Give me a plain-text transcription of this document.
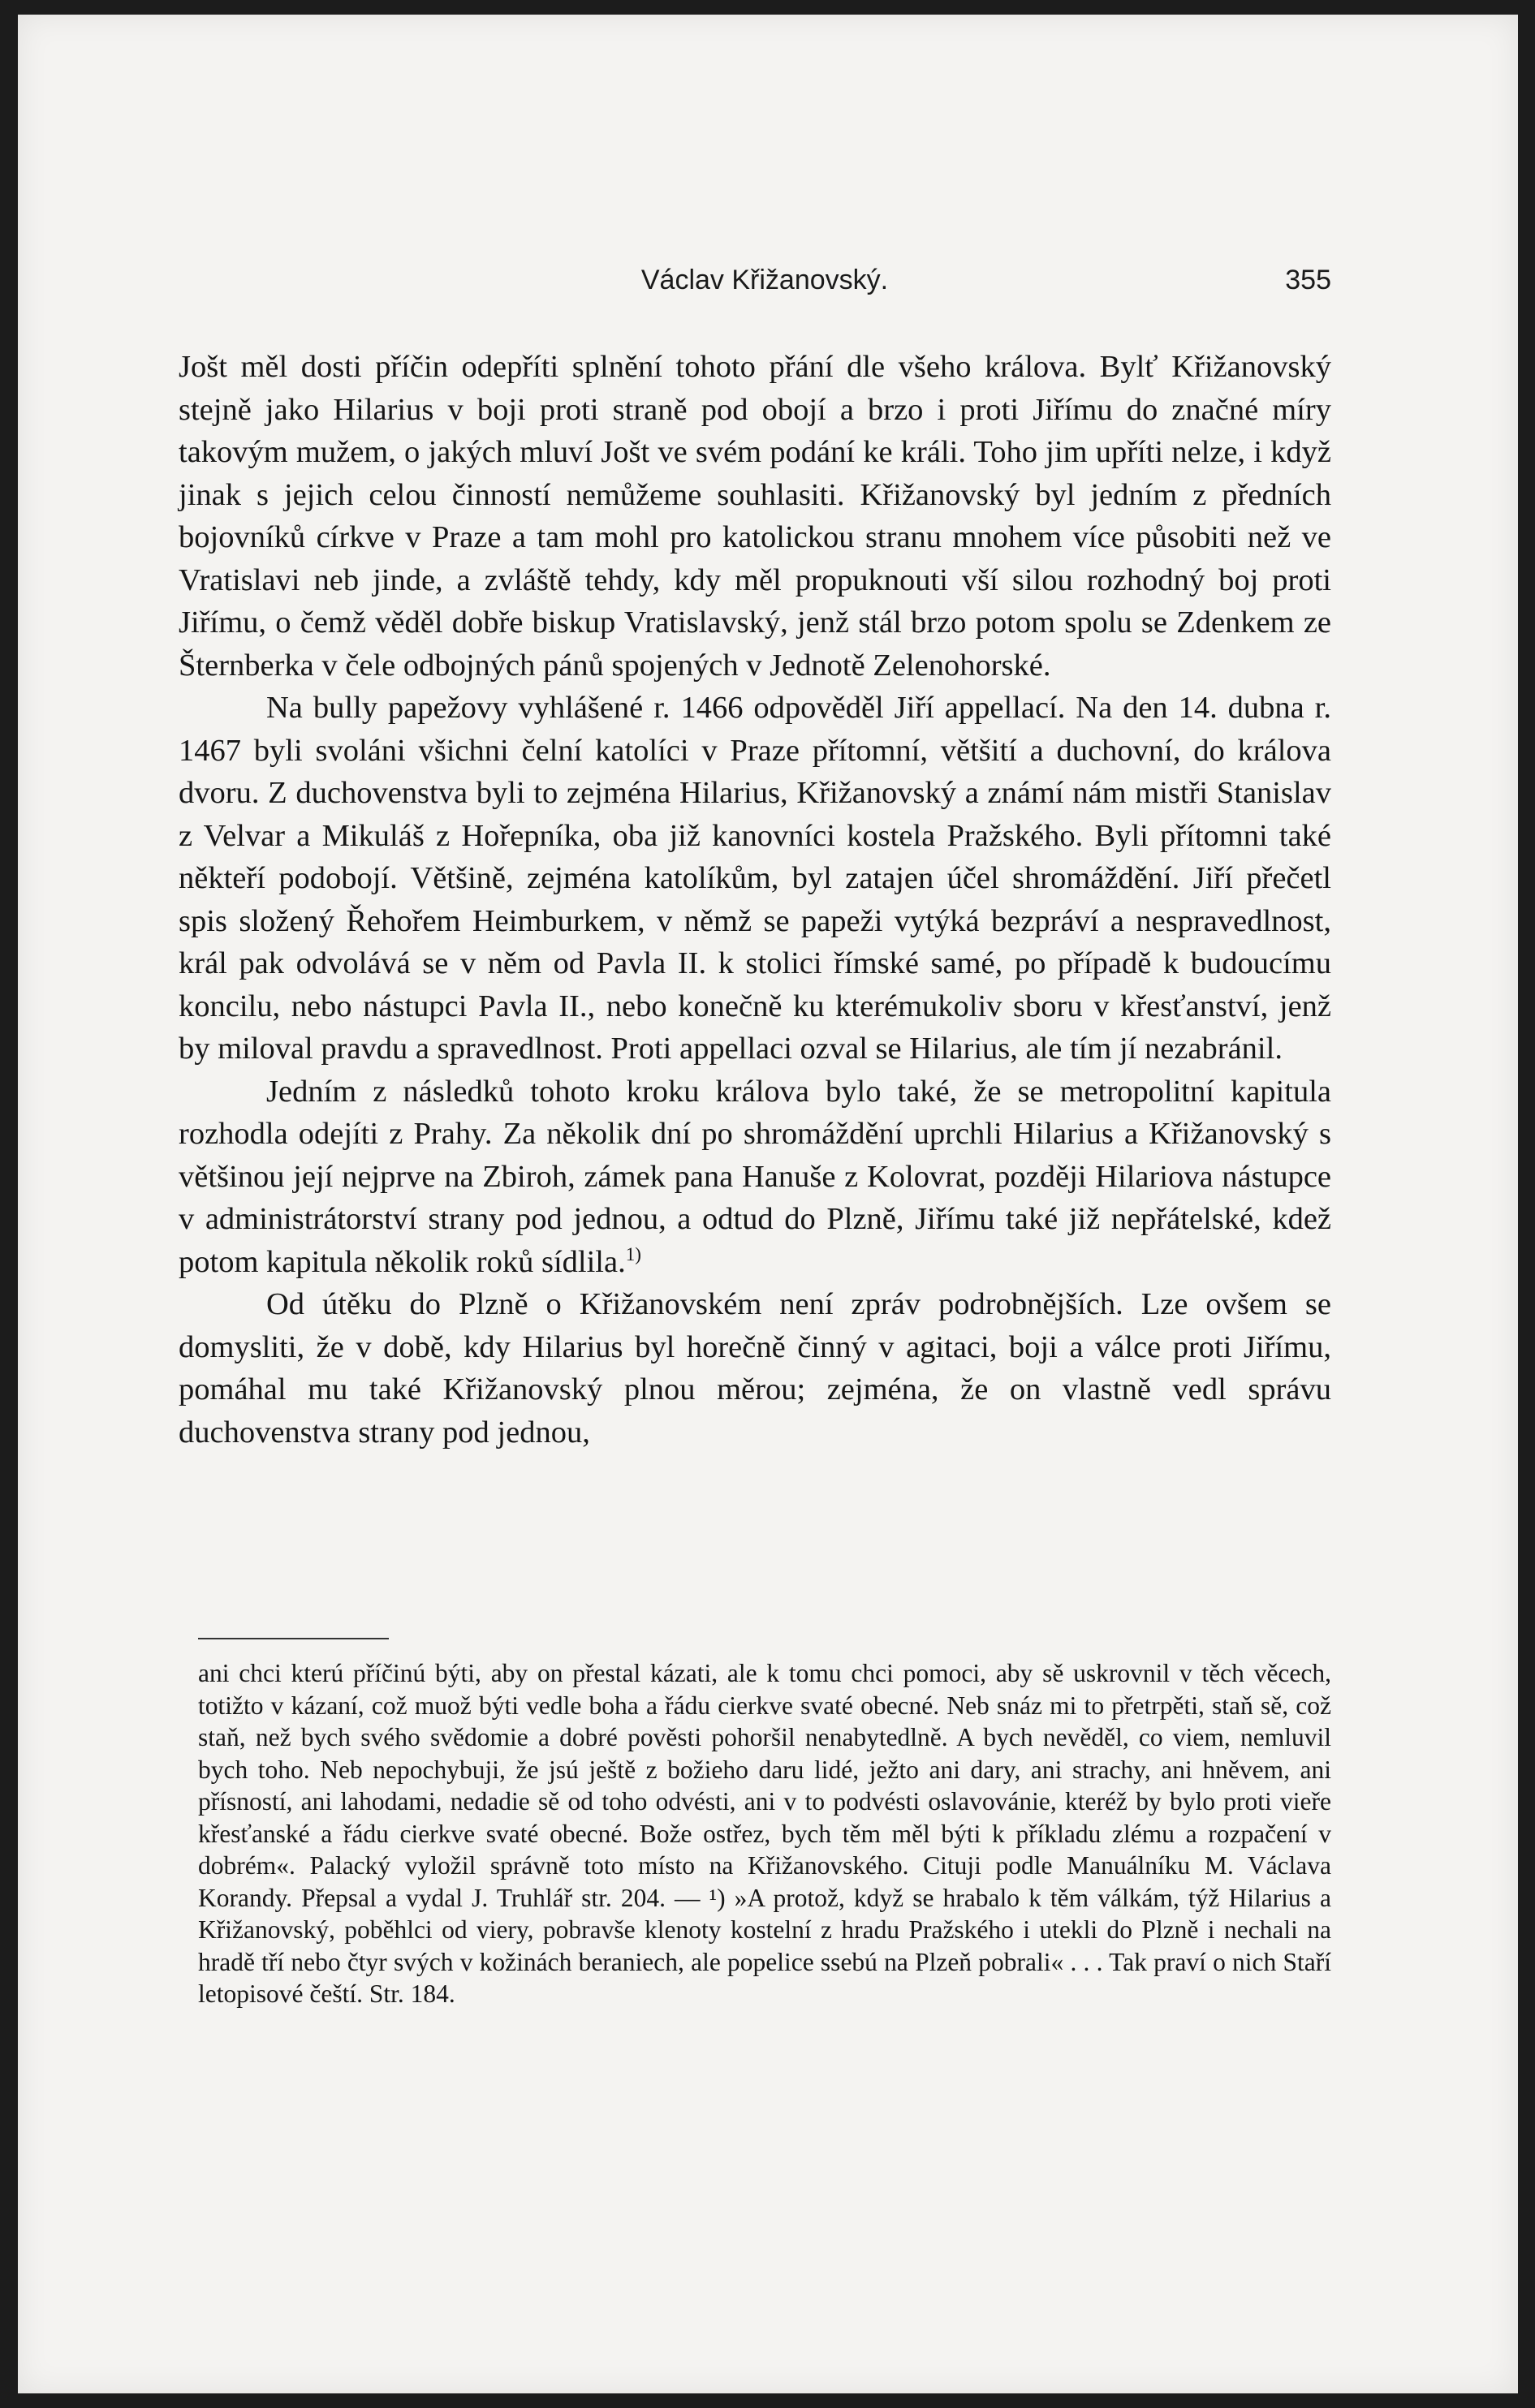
Václav Křižanovský.	355

Jošt měl dosti příčin odepříti splnění tohoto přání dle všeho králova. Bylť Křižanovský stejně jako Hilarius v boji proti straně pod obojí a brzo i proti Jiřímu do značné míry takovým mužem, o jakých mluví Jošt ve svém podání ke králi. Toho jim upříti nelze, i když jinak s jejich celou činností nemůžeme souhlasiti. Křižanovský byl jedním z předních bojovníků církve v Praze a tam mohl pro katolickou stranu mnohem více působiti než ve Vratislavi neb jinde, a zvláště tehdy, kdy měl propuknouti vší silou rozhodný boj proti Jiřímu, o čemž věděl dobře biskup Vratislavský, jenž stál brzo potom spolu se Zdenkem ze Šternberka v čele odbojných pánů spojených v Jednotě Zelenohorské.

Na bully papežovy vyhlášené r. 1466 odpověděl Jiří appellací. Na den 14. dubna r. 1467 byli svoláni všichni čelní katolíci v Praze přítomní, většití a duchovní, do králova dvoru. Z duchovenstva byli to zejména Hilarius, Křižanovský a známí nám mistři Stanislav z Velvar a Mikuláš z Hořepníka, oba již kanovníci kostela Pražského. Byli přítomni také někteří podobojí. Většině, zejména katolíkům, byl zatajen účel shromáždění. Jiří přečetl spis složený Řehořem Heimburkem, v němž se papeži vytýká bezpráví a nespravedlnost, král pak odvolává se v něm od Pavla II. k stolici římské samé, po případě k budoucímu koncilu, nebo nástupci Pavla II., nebo konečně ku kterémukoliv sboru v křesťanství, jenž by miloval pravdu a spravedlnost. Proti appellaci ozval se Hilarius, ale tím jí nezabránil.

Jedním z následků tohoto kroku králova bylo také, že se metropolitní kapitula rozhodla odejíti z Prahy. Za několik dní po shromáždění uprchli Hilarius a Křižanovský s většinou její nejprve na Zbiroh, zámek pana Hanuše z Kolovrat, později Hilariova nástupce v administrátorství strany pod jednou, a odtud do Plzně, Jiřímu také již nepřátelské, kdež potom kapitula několik roků sídlila.$^{1)}$

Od útěku do Plzně o Křižanovském není zpráv podrobnějších. Lze ovšem se domysliti, že v době, kdy Hilarius byl horečně činný v agitaci, boji a válce proti Jiřímu, pomáhal mu také Křižanovský plnou měrou; zejména, že on vlastně vedl správu duchovenstva strany pod jednou,

ani chci kterú příčinú býti, aby on přestal kázati, ale k tomu chci pomoci, aby sě uskrovnil v těch věcech, totižto v kázaní, což muož býti vedle boha a řádu cierkve svaté obecné. Neb snáz mi to přetrpěti, staň sě, což staň, než bych svého svědomie a dobré pověsti pohoršil nenabytedlně. A bych nevěděl, co viem, nemluvil bych toho. Neb nepochybuji, že jsú ještě z božieho daru lidé, ježto ani dary, ani strachy, ani hněvem, ani přísností, ani lahodami, nedadie sě od toho odvésti, ani v to podvésti oslavovánie, kteréž by bylo proti vieře křesťanské a řádu cierkve svaté obecné. Bože ostřez, bych těm měl býti k příkladu zlému a rozpačení v dobrém«. Palacký vyložil správně toto místo na Křižanovského. Cituji podle Manuálníku M. Václava Korandy. Přepsal a vydal J. Truhlář str. 204. — ¹) »A protož, když se hrabalo k těm válkám, týž Hilarius a Křižanovský, poběhlci od viery, pobravše klenoty kostelní z hradu Pražského i utekli do Plzně i nechali na hradě tří nebo čtyr svých v kožinách beraniech, ale popelice ssebú na Plzeň pobrali« . . . Tak praví o nich Staří letopisové čeští. Str. 184.
